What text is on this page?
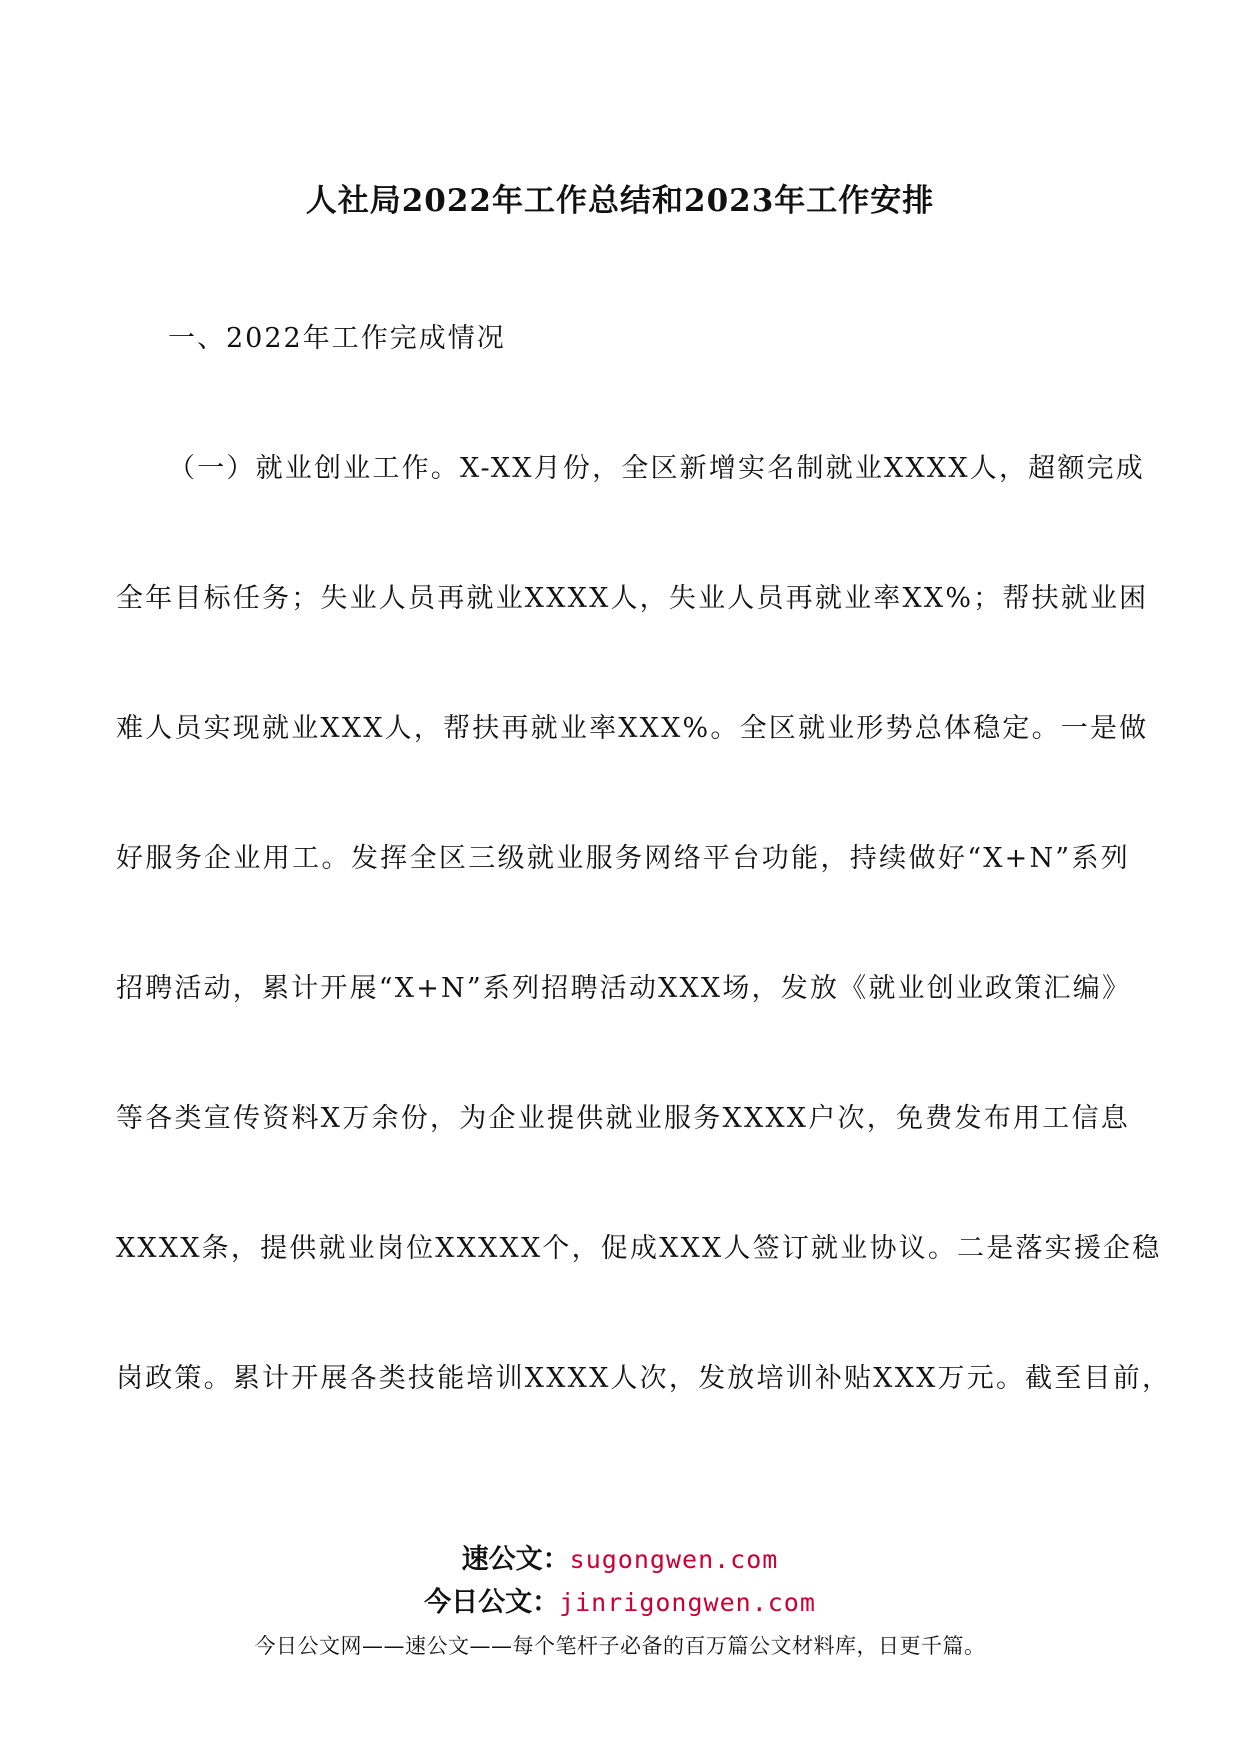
人社局2022年工作总结和2023年工作安排
一、2022年工作完成情况
（一）就业创业工作。X-XX月份，全区新增实名制就业XXXX人，超额完成
全年目标任务；失业人员再就业XXXX人，失业人员再就业率XX%；帮扶就业困
难人员实现就业XXX人，帮扶再就业率XXX%。全区就业形势总体稳定。一是做
好服务企业用工。发挥全区三级就业服务网络平台功能，持续做好“X+N”系列
招聘活动，累计开展“X+N”系列招聘活动XXX场，发放《就业创业政策汇编》
等各类宣传资料X万余份，为企业提供就业服务XXXX户次，免费发布用工信息
XXXX条，提供就业岗位XXXXX个，促成XXX人签订就业协议。二是落实援企稳
岗政策。累计开展各类技能培训XXXX人次，发放培训补贴XXX万元。截至目前，
速公文：sugongwen.com
今日公文：jinrigongwen.com
今日公文网——速公文——每个笔杆子必备的百万篇公文材料库，日更千篇。
